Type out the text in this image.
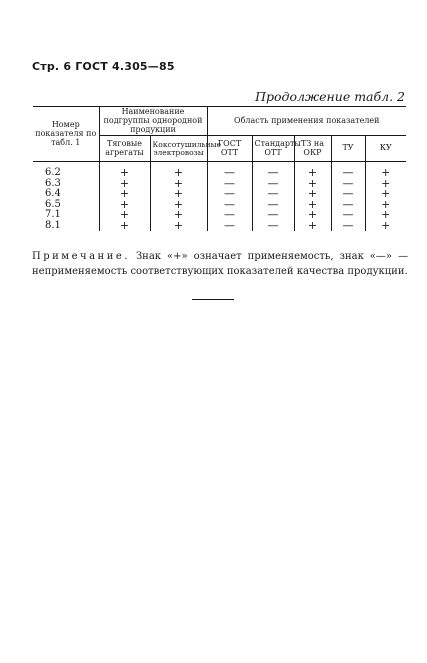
Стр. 6 ГОСТ 4.305—85
Продолжение табл. 2
Номер показателя по табл. 1	Наименование подгруппы однородной продукции		Область применения показателей				
	Тяговые агрегаты	Коксотушильные электровозы	ГОСТ ОТТ	Стандарты ОТТ	ТЗ на ОКР	ТУ	КУ
6.2	+	+	—	—	+	—	+
6.3	+	+	—	—	+	—	+
6.4	+	+	—	—	+	—	+
6.5	+	+	—	—	+	—	+
7.1	+	+	—	—	+	—	+
8.1	+	+	—	—	+	—	+
Примечание. Знак «+» означает применяемость, знак «—» — неприменяемость соответствующих показателей качества продукции.
